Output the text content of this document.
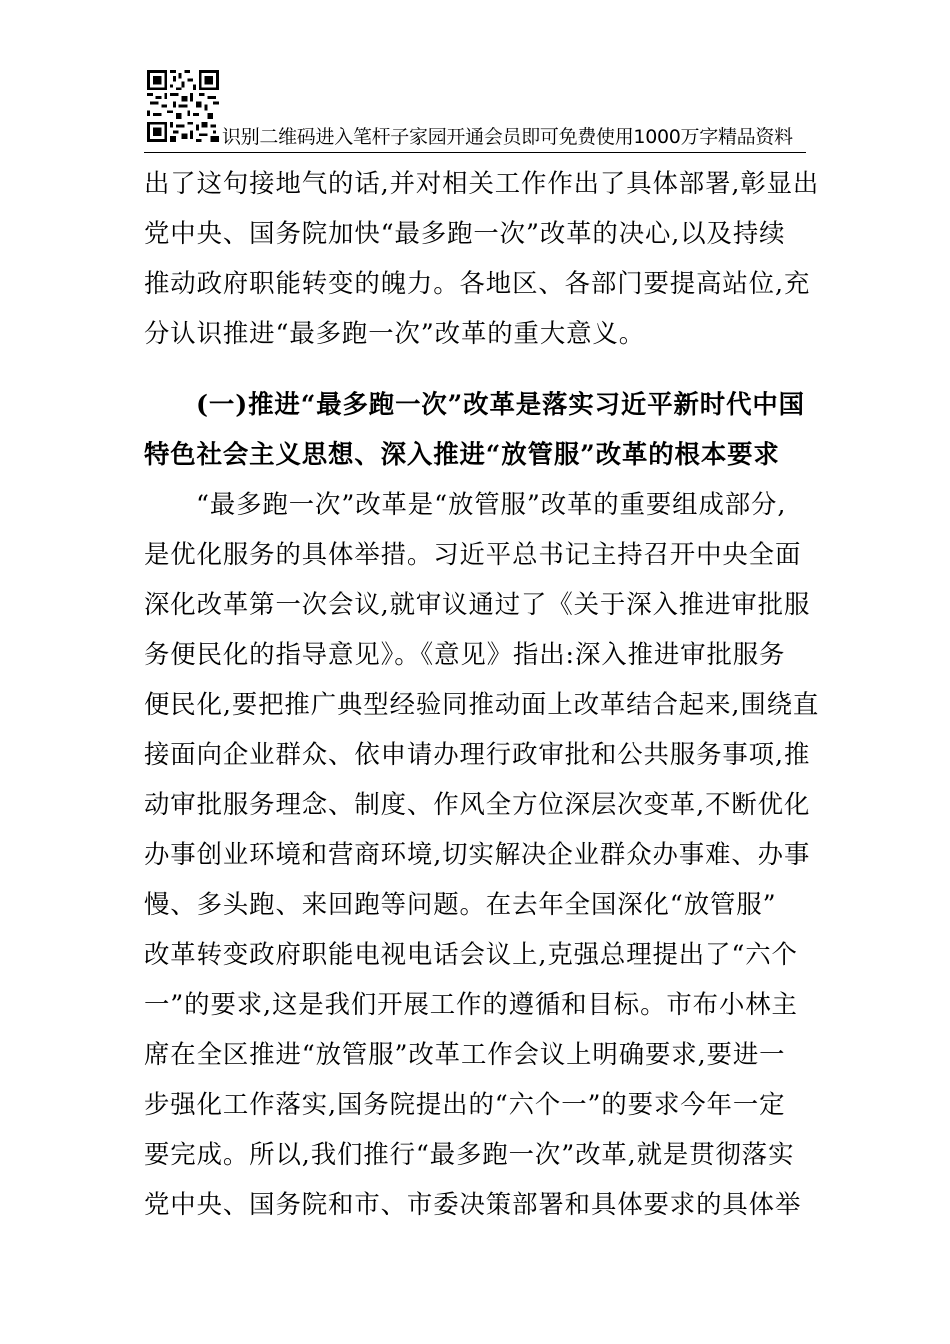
识别二维码进入笔杆子家园开通会员即可免费使用1000万字精品资料
出了这句接地气的话,并对相关工作作出了具体部署,彰显出
党中央、国务院加快“最多跑一次”改革的决心,以及持续
推动政府职能转变的魄力。各地区、各部门要提高站位,充
分认识推进“最多跑一次”改革的重大意义。
(一)推进“最多跑一次”改革是落实习近平新时代中国
特色社会主义思想、深入推进“放管服”改革的根本要求
“最多跑一次”改革是“放管服”改革的重要组成部分,
是优化服务的具体举措。习近平总书记主持召开中央全面
深化改革第一次会议,就审议通过了《关于深入推进审批服
务便民化的指导意见》。《意见》指出:深入推进审批服务
便民化,要把推广典型经验同推动面上改革结合起来,围绕直
接面向企业群众、依申请办理行政审批和公共服务事项,推
动审批服务理念、制度、作风全方位深层次变革,不断优化
办事创业环境和营商环境,切实解决企业群众办事难、办事
慢、多头跑、来回跑等问题。在去年全国深化“放管服”
改革转变政府职能电视电话会议上,克强总理提出了“六个
一”的要求,这是我们开展工作的遵循和目标。市布小林主
席在全区推进“放管服”改革工作会议上明确要求,要进一
步强化工作落实,国务院提出的“六个一”的要求今年一定
要完成。所以,我们推行“最多跑一次”改革,就是贯彻落实
党中央、国务院和市、市委决策部署和具体要求的具体举
